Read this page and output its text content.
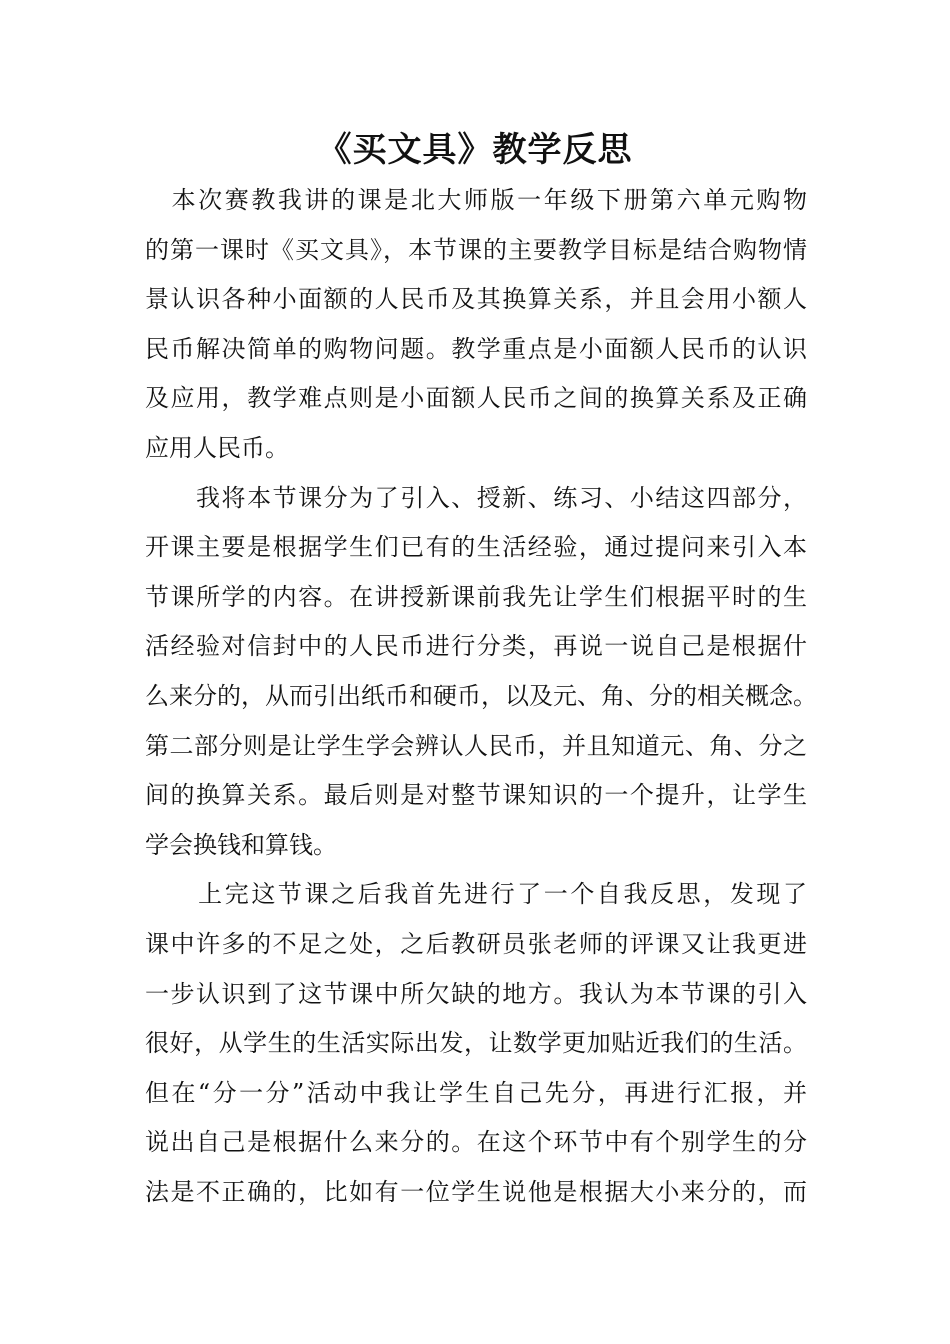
《买文具》教学反思
　本次赛教我讲的课是北大师版一年级下册第六单元购物
的第一课时《买文具》，本节课的主要教学目标是结合购物情
景认识各种小面额的人民币及其换算关系，并且会用小额人
民币解决简单的购物问题。教学重点是小面额人民币的认识
及应用，教学难点则是小面额人民币之间的换算关系及正确
应用人民币。
　　我将本节课分为了引入、授新、练习、小结这四部分，
开课主要是根据学生们已有的生活经验，通过提问来引入本
节课所学的内容。在讲授新课前我先让学生们根据平时的生
活经验对信封中的人民币进行分类，再说一说自己是根据什
么来分的，从而引出纸币和硬币，以及元、角、分的相关概念。
第二部分则是让学生学会辨认人民币，并且知道元、角、分之
间的换算关系。最后则是对整节课知识的一个提升，让学生
学会换钱和算钱。
　　上完这节课之后我首先进行了一个自我反思，发现了
课中许多的不足之处，之后教研员张老师的评课又让我更进
一步认识到了这节课中所欠缺的地方。我认为本节课的引入
很好，从学生的生活实际出发，让数学更加贴近我们的生活。
但在“分一分”活动中我让学生自己先分，再进行汇报，并
说出自己是根据什么来分的。在这个环节中有个别学生的分
法是不正确的，比如有一位学生说他是根据大小来分的，而
